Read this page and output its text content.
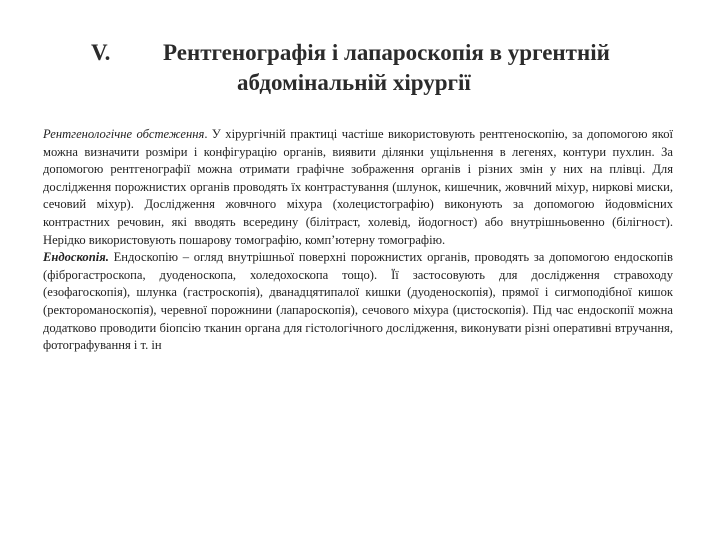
V. Рентгенографія і лапароскопія в ургентній
абдомінальній хірургії

Рентгенологічне обстеження. У хірургічній практиці частіше використовують рентгеноскопію, за допомогою якої можна визначити розміри і конфігурацію органів, виявити ділянки ущільнення в легенях, контури пухлин. За допомогою рентгенографії можна отримати графічне зображення органів і різних змін у них на плівці. Для дослідження порожнистих органів проводять їх контрастування (шлунок, кишечник, жовчний міхур, ниркові миски, сечовий міхур). Дослідження жовчного міхура (холецистографію) виконують за допомогою йодовмісних контрастних речовин, які вводять всередину (білітраст, холевід, йодогност) або внутрішньовенно (білігност). Нерідко використовують пошарову томографію, комп’ютерну томографію.

Ендоскопія. Ендоскопію – огляд внутрішньої поверхні порожнистих органів, проводять за допомогою ендоскопів (фіброгастроскопа, дуоденоскопа, холедохоскопа тощо). Її застосовують для дослідження стравоходу (езофагоскопія), шлунка (гастроскопія), дванадцятипалої кишки (дуоденоскопія), прямої і сигмоподібної кишок (ректороманоскопія), черевної порожнини (лапароскопія), сечового міхура (цистоскопія). Під час ендоскопії можна додатково проводити біопсію тканин органа для гістологічного дослідження, виконувати різні оперативні втручання, фотографування і т. ін
